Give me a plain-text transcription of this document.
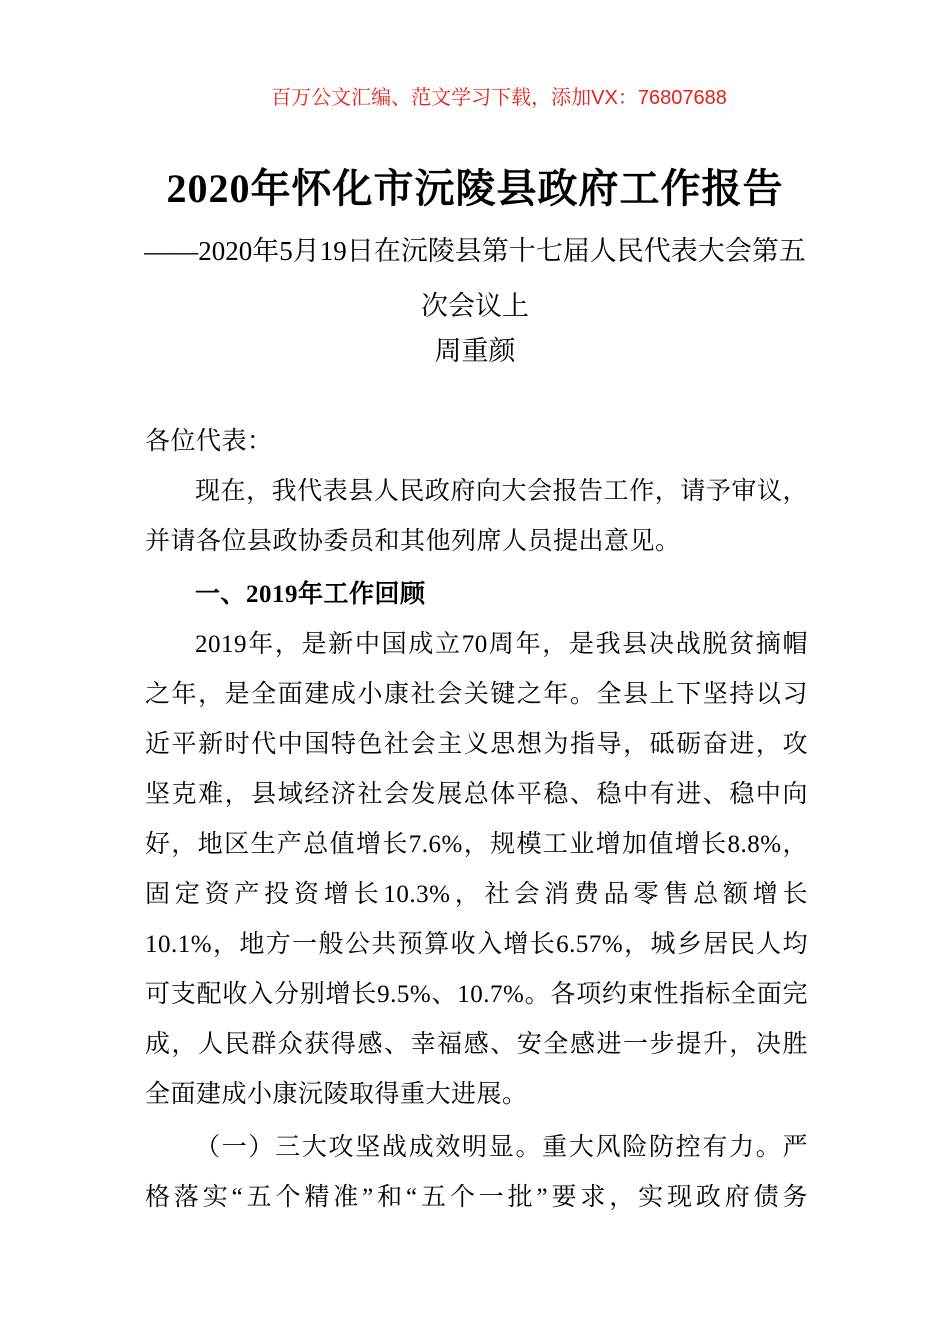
百万公文汇编、范文学习下载，添加VX：76807688
2020年怀化市沅陵县政府工作报告
——2020年5月19日在沅陵县第十七届人民代表大会第五
次会议上
周重颜
各位代表：
现在，我代表县人民政府向大会报告工作，请予审议，
并请各位县政协委员和其他列席人员提出意见。
一、2019年工作回顾
2019年，是新中国成立70周年，是我县决战脱贫摘帽
之年，是全面建成小康社会关键之年。全县上下坚持以习
近平新时代中国特色社会主义思想为指导，砥砺奋进，攻
坚克难，县域经济社会发展总体平稳、稳中有进、稳中向
好，地区生产总值增长7.6%，规模工业增加值增长8.8%，
固定资产投资增长10.3%，社会消费品零售总额增长
10.1%，地方一般公共预算收入增长6.57%，城乡居民人均
可支配收入分别增长9.5%、10.7%。各项约束性指标全面完
成，人民群众获得感、幸福感、安全感进一步提升，决胜
全面建成小康沅陵取得重大进展。
（一）三大攻坚战成效明显。重大风险防控有力。严
格落实“五个精准”和“五个一批”要求，实现政府债务
